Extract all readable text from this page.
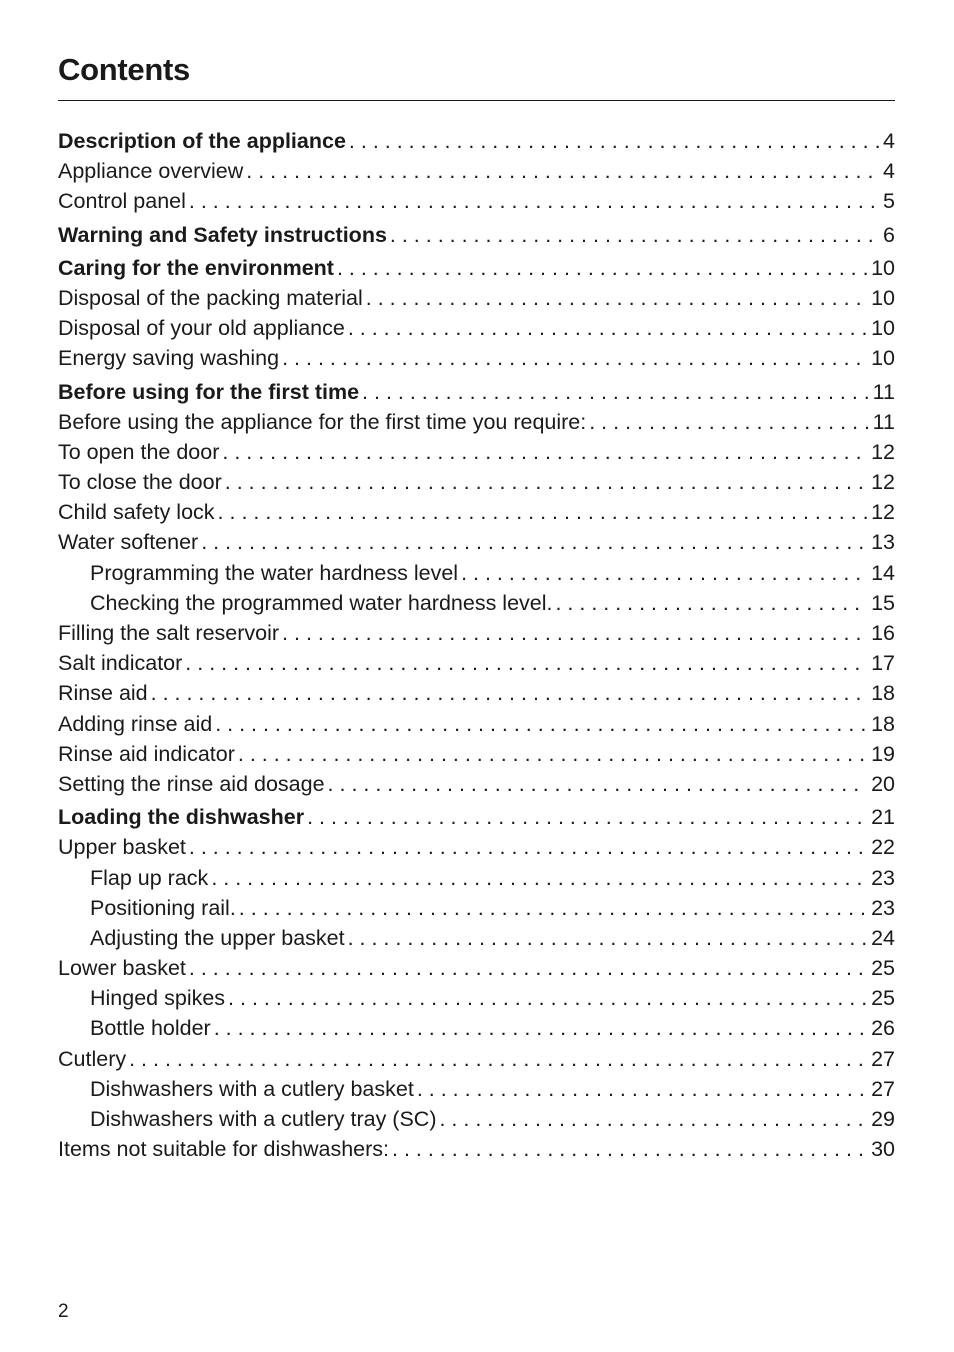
Contents
Description of the appliance . . .	4
Appliance overview . . .	4
Control panel . . .	5
Warning and Safety instructions . . .	6
Caring for the environment . . .	10
Disposal of the packing material . . .	10
Disposal of your old appliance . . .	10
Energy saving washing . . .	10
Before using for the first time . . .	11
Before using the appliance for the first time you require: . . .	11
To open the door . . .	12
To close the door . . .	12
Child safety lock . . .	12
Water softener . . .	13
Programming the water hardness level . . .	14
Checking the programmed water hardness level. . . .	15
Filling the salt reservoir . . .	16
Salt indicator . . .	17
Rinse aid . . .	18
Adding rinse aid . . .	18
Rinse aid indicator . . .	19
Setting the rinse aid dosage . . .	20
Loading the dishwasher . . .	21
Upper basket . . .	22
Flap up rack . . .	23
Positioning rail. . . .	23
Adjusting the upper basket . . .	24
Lower basket . . .	25
Hinged spikes . . .	25
Bottle holder . . .	26
Cutlery . . .	27
Dishwashers with a cutlery basket . . .	27
Dishwashers with a cutlery tray (SC) . . .	29
Items not suitable for dishwashers: . . .	30
2
